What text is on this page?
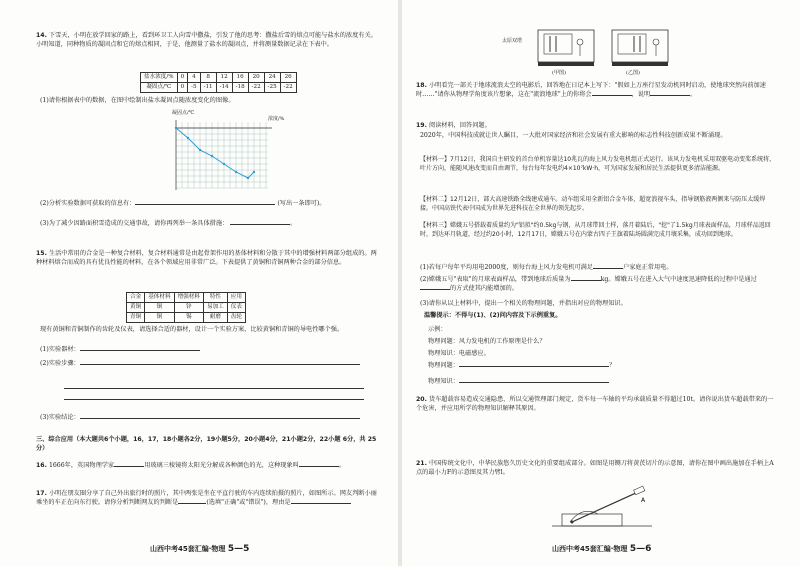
14. 下雪天，小明在放学回家的路上，看到环卫工人向雪中撒盐，引发了他的思考：撒盐后雪的熔点可能与盐水的浓度有关。小明知道，同种物质的凝固点和它的熔点相同，于是，他测量了盐水的凝固点，并将测量数据记录在下表中。
盐水浓度/%	0	4	8	12	16	20	24	26
凝固点/℃	0	-5	-11	-14	-18	-22	-25	-22
(1)请你根据表中的数据，在图中绘制出盐水凝固点随浓度变化的图像。
凝固点/℃
浓度/%
(2)分析实验数据可获取的信息有：	(写出一条即可)。
(3)为了减少因路面积雪造成的交通事故，请你再列举一条具体措施：	。
15. 生活中常用的合金是一种复合材料，复合材料通常是由起骨架作用的基体材料和分散于其中的增强材料两部分组成的。两种材料熔合而成的具有优良性能的材料，在各个领域应用非常广泛。下表提供了黄铜和青铜两种合金的部分信息。
合金	基体材料	增强材料	特性	应用
黄铜	铜	锌	易加工	仪表
青铜	铜	锡	耐磨	齿轮
现有黄铜和青铜制作的齿轮及仪表，请选择合适的器材，设计一个实验方案，比较黄铜和青铜的导电性哪个强。
(1)实验器材：
(2)实验步骤：
(3)实验结论：
三、综合应用（本大题共6个小题，16，17，18小题各2分，19小题5分，20小题4分，21小题2分，22小题 6分，共 25 分）
16. 1666年，英国物理学家	用玻璃三棱镜将太阳光分解成各种颜色的光，这种现象叫	。
17. 小明在朋友圈分享了自己外出旅行时的照片，其中两张是坐在平直行驶的车内连续拍摄的照片，如图所示。网友判断小丽乘坐的车正在向东行驶。请你分析判断网友的判断是	(选填"正确"或"错误")，理由是
山西中考45套汇编·物理 5—5
太原双塔
(甲图)	(乙图)
18. 小明看完一部关于地球流浪太空的电影后，回答地在日记本上写下："假如上万座行星发动机同时启动，使地球突然向前加速时……"请你从物理学角度该片想象，这在"流浪地球"上的你将会	，说明	。
19. 阅读材料，回答问题。
2020年，中国科技成就让世人瞩目，一大批对国家经济和社会发展有重大影响的标志性科技创新成果不断涌现。
【材料一】7月12日，我国自主研发的首台单机容量达10兆瓦的海上风力发电机组正式运行。该风力发电机采用双驱电动变桨系统将，叶片方向，能随风速改变而自由调节，每台每年发电约4×10⁷kW·h，可为国家发展和居民生活提供更多清洁能源。
【材料二】12月12日，部大高速铁路全线建成通车。动车组采用全新铝合金车体，超宽浪视车头，指导钢筋液两侧来与防压太缓焊接。中国高铁代表中国成为世界先进科技在全世界的领先起步。
【材料三】嫦娥五号搭载着质量约为"铝拟"约0.5kg与钢，从月球带回土样，落月着陆后，"挖"了1.5kg月球表面样品，月球样品返回时，到达环月轨道，经过约20小时，12月17日，嫦娥五号在内蒙古四子王旗着陆场圆满完成月壤采集，成功回到地球。
(1)若每户每年平均用电2000度，则每台海上风力发电机可满足	户家庭正常用电。
(2)嫦娥五号"表取"的月球表面样品，带到地球后质量为	kg。嫦娥五号在进入大气中速度迅速降低的过程中是通过的方式使其内能增加的。
(3)请你从以上材料中，提出一个相关的物理问题，并指出对应的物理知识。
温馨提示：不得与(1)、(2)问内容及下示例重复。
示例：
物理问题：风力发电机的工作原理是什么？
物理知识：电磁感应。
物理问题：	？
物理知识：
20. 货车超载容易造成交通隐患，所以交通管理部门规定，货车每一车轴的平均承载质量不得超过10t。请你说出货车超载带来的一个危害，并应用所学的物理知识解释其原因。
21. 中国传统文化中，中华民族悠久历史文化的重要组成部分。如图是用铡刀将黄芪切片的示意图，请你在图中画出施加在手柄上A点的最小力F的示意图及其力臂l。
A
山西中考45套汇编·物理 5—6
